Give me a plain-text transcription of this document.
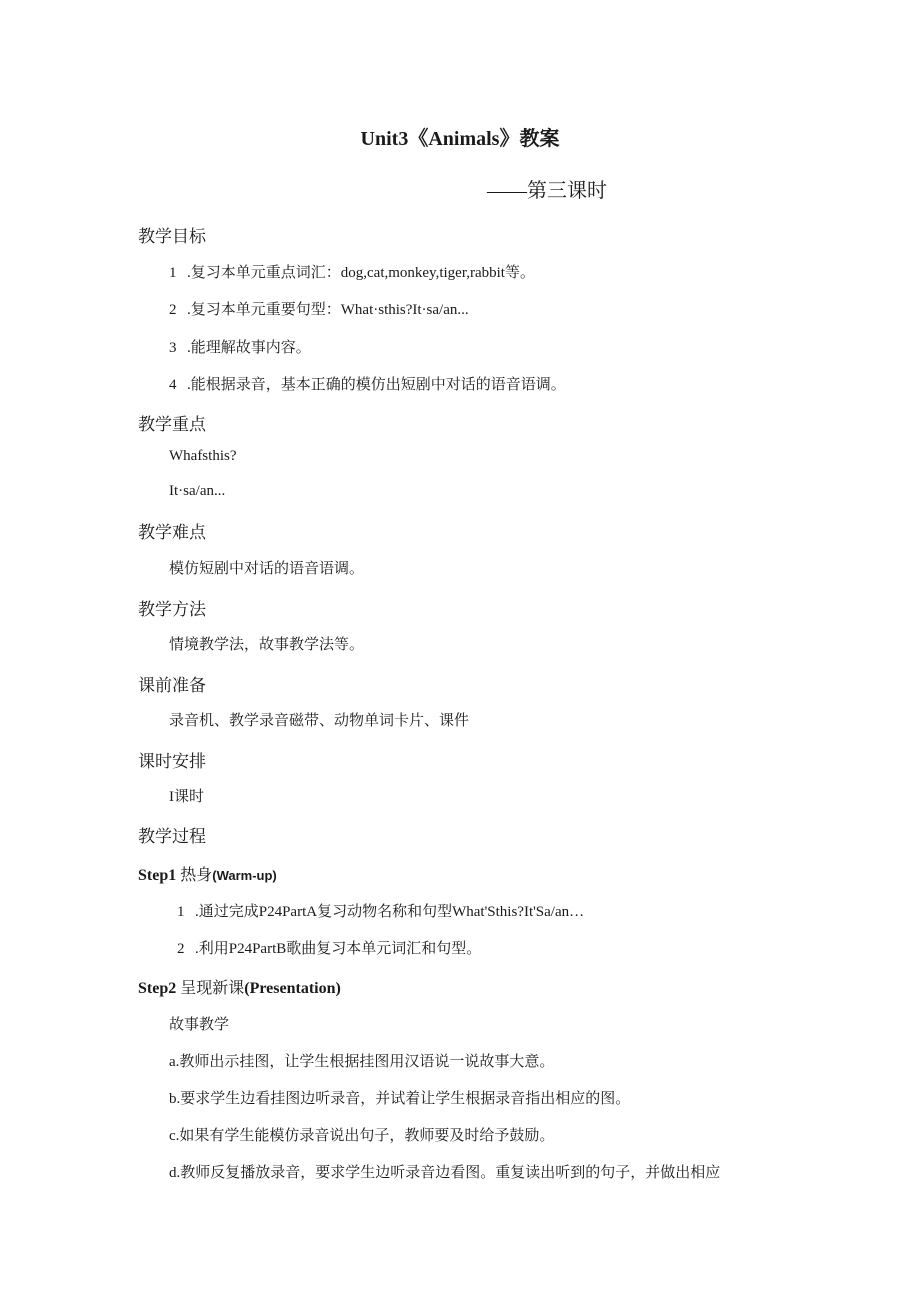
Unit3《Animals》教案
——第三课时
教学目标
1 .复习本单元重点词汇：dog,cat,monkey,tiger,rabbit等。
2 .复习本单元重要句型：What·sthis?It·sa/an...
3 .能理解故事内容。
4 .能根据录音，基本正确的模仿出短剧中对话的语音语调。
教学重点
Whafsthis?
It·sa/an...
教学难点
模仿短剧中对话的语音语调。
教学方法
情境教学法，故事教学法等。
课前准备
录音机、教学录音磁带、动物单词卡片、课件
课时安排
I课时
教学过程
Step1 热身(Warm-up)
1 .通过完成P24PartA复习动物名称和句型What'Sthis?It'Sa/an…
2 .利用P24PartB歌曲复习本单元词汇和句型。
Step2 呈现新课(Presentation)
故事教学
a.教师出示挂图，让学生根据挂图用汉语说一说故事大意。
b.要求学生边看挂图边听录音，并试着让学生根据录音指出相应的图。
c.如果有学生能模仿录音说出句子，教师要及时给予鼓励。
d.教师反复播放录音，要求学生边听录音边看图。重复读出听到的句子，并做出相应
